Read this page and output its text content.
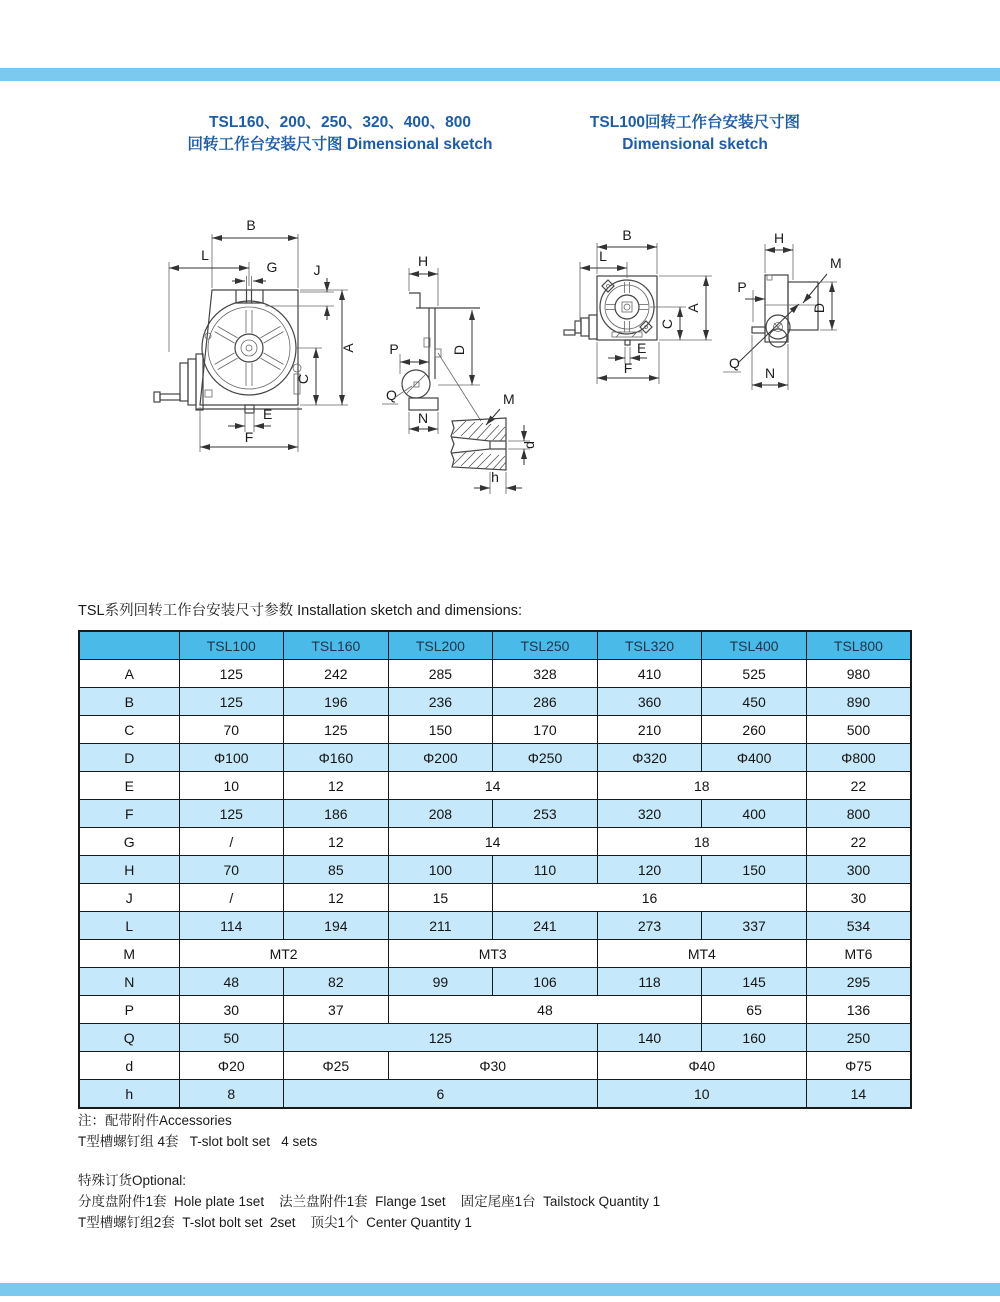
TSL160、200、250、320、400、800
回转工作台安装尺寸图 Dimensional sketch
TSL100回转工作台安装尺寸图
Dimensional sketch
B
L
G	J
A
C
E
F
H
P
Q
N
D
M
d
h
B
L
A
C
E
F
H
P
M
D
Q
N
TSL系列回转工作台安装尺寸参数 Installation sketch and dimensions:
	TSL100	TSL160	TSL200	TSL250	TSL320	TSL400	TSL800
A	125	242	285	328	410	525	980
B	125	196	236	286	360	450	890
C	70	125	150	170	210	260	500
D	Φ100	Φ160	Φ200	Φ250	Φ320	Φ400	Φ800
E	10	12	14		18		22
F	125	186	208	253	320	400	800
G	/	12	14		18		22
H	70	85	100	110	120	150	300
J	/	12	15	16			30
L	114	194	211	241	273	337	534
M	MT2		MT3		MT4		MT6
N	48	82	99	106	118	145	295
P	30	37	48			65	136
Q	50	125			140	160	250
d	Φ20	Φ25	Φ30		Φ40		Φ75
h	8	6			10		14
注：配带附件Accessories
T型槽螺钉组 4套   T-slot bolt set   4 sets
特殊订货Optional:
分度盘附件1套  Hole plate 1set    法兰盘附件1套  Flange 1set    固定尾座1台  Tailstock Quantity 1
T型槽螺钉组2套  T-slot bolt set  2set    顶尖1个  Center Quantity 1
